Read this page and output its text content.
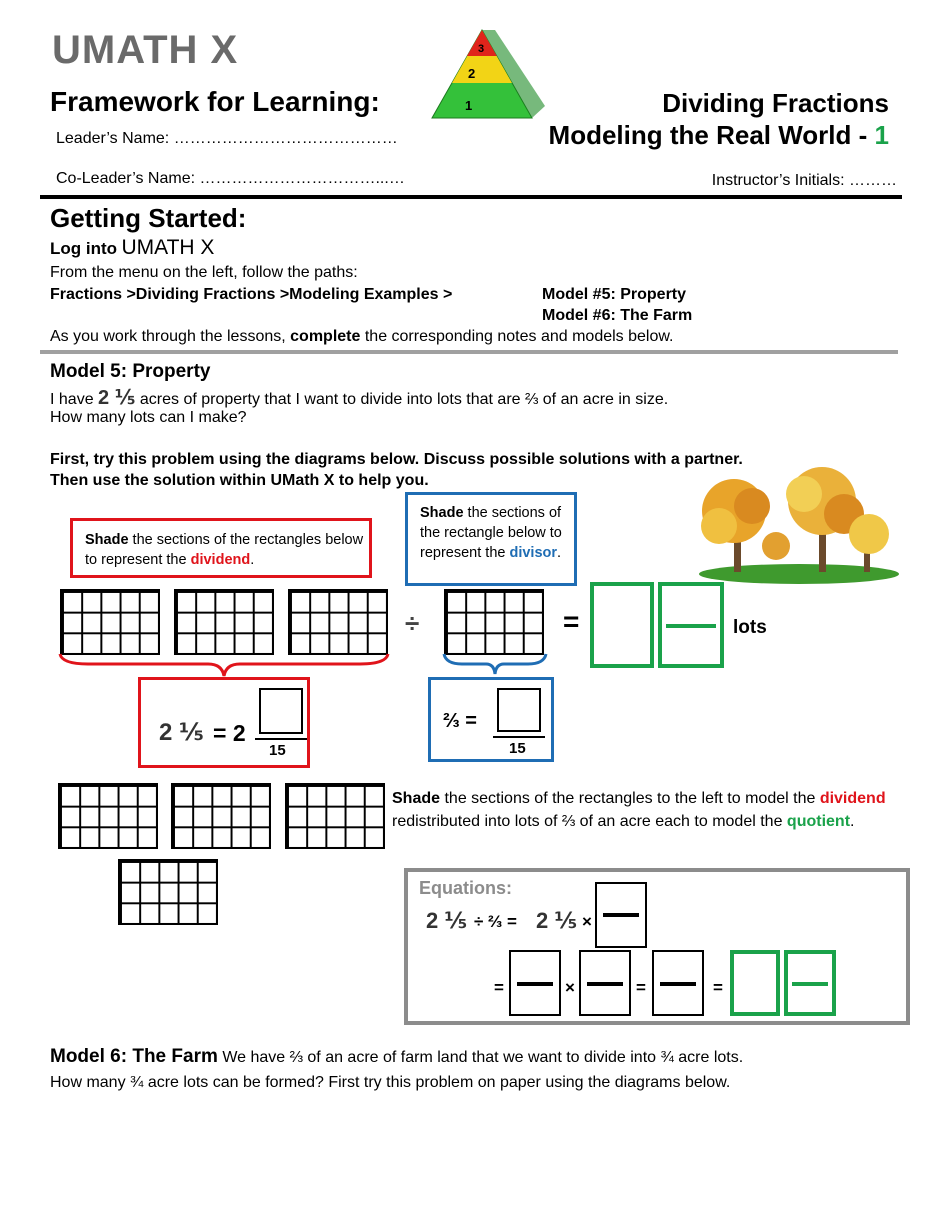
UMATH X	3
2
1
Framework for Learning:	Dividing Fractions
Modeling the Real World - 1
Leader’s Name: ……………………………………
Co-Leader’s Name: ……………………………...…	Instructor’s Initials: ………
Getting Started:
Log into UMATH X
From the menu on the left, follow the paths:
Fractions >Dividing Fractions >Modeling Examples >	Model #5: Property
Model #6: The Farm
As you work through the lessons, complete the corresponding notes and models below.
Model 5: Property
I have 2 ⅕ acres of property that I want to divide into lots that are ⅔ of an acre in size.
How many lots can I make?
First, try this problem using the diagrams below. Discuss possible solutions with a partner.
Then use the solution within UMath X to help you.
Shade the sections of the rectangles below to represent the dividend.
Shade the sections of the rectangle below to represent the divisor.
÷	=	lots
2 ⅕ = 2
15
⅔ =
15
Shade the sections of the rectangles to the left to model the dividend redistributed into lots of ⅔ of an acre each to model the quotient.
Equations:
2 ⅕ ÷ ⅔ = 2 ⅕ ×
=	×	=	=
Model 6: The Farm We have ⅔ of an acre of farm land that we want to divide into ¾ acre lots.
How many ¾ acre lots can be formed? First try this problem on paper using the diagrams below.
